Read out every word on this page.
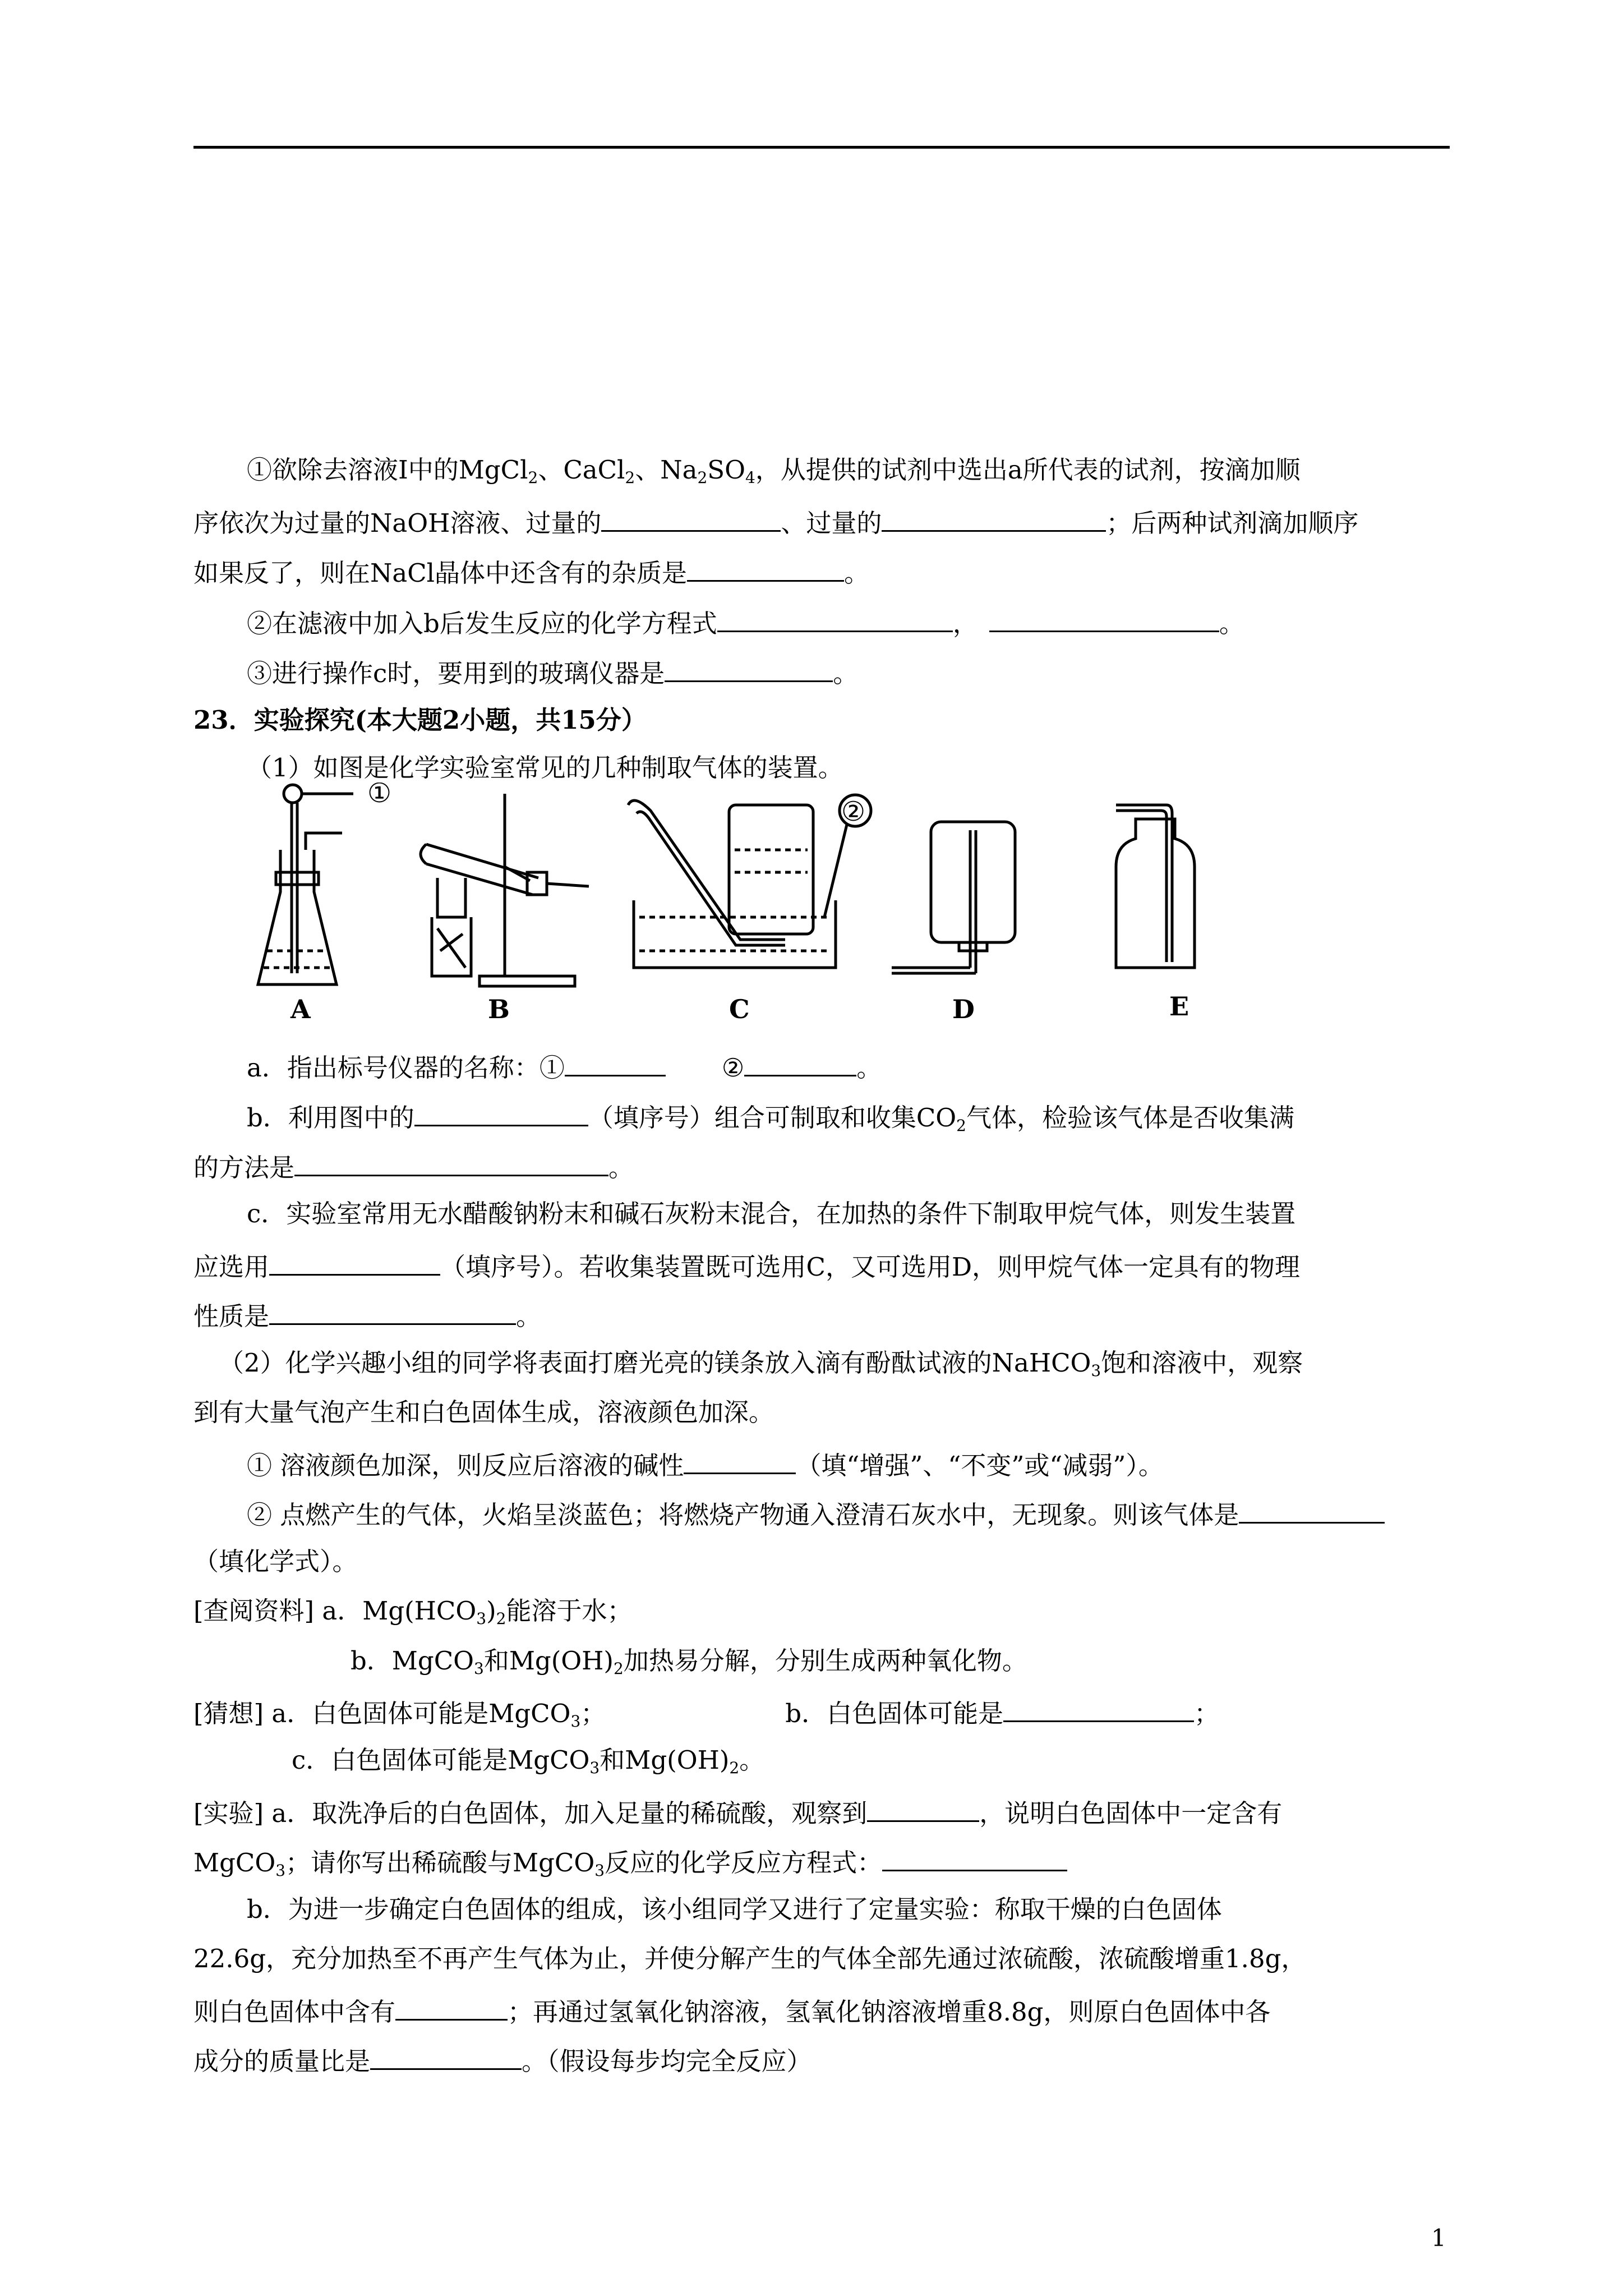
①欲除去溶液Ⅰ中的MgCl$_2$、CaCl$_2$、$Na_2SO_4$，从提供的试剂中选出a所代表的试剂，按滴加顺
序依次为过量的NaOH溶液、过量的	、过量的	；后两种试剂滴加顺序
如果反了，则在NaCl晶体中还含有的杂质是	。
②在滤液中加入b后发生反应的化学方程式	，	。
③进行操作c时，要用到的玻璃仪器是	。
23．实验探究(本大题2小题，共15分）
（1）如图是化学实验室常见的几种制取气体的装置。
①
②
A	B	C	D	E
a．指出标号仪器的名称：①	②	。
b．利用图中的	（填序号）组合可制取和收集$CO_2$气体，检验该气体是否收集满
的方法是	。
c．实验室常用无水醋酸钠粉末和碱石灰粉末混合，在加热的条件下制取甲烷气体，则发生装置
应选用	（填序号）。若收集装置既可选用C，又可选用D，则甲烷气体一定具有的物理
性质是	。
（2）化学兴趣小组的同学将表面打磨光亮的镁条放入滴有酚酞试液的NaHCO$_3$饱和溶液中，观察
到有大量气泡产生和白色固体生成，溶液颜色加深。
① 溶液颜色加深，则反应后溶液的碱性	（填“增强”、“不变”或“减弱”）。
② 点燃产生的气体，火焰呈淡蓝色；将燃烧产物通入澄清石灰水中，无现象。则该气体是
（填化学式）。
[查阅资料] a．$Mg(HCO_3)_2$能溶于水；
b．MgCO$_3$和$Mg(OH)_2$加热易分解，分别生成两种氧化物。
[猜想] a．白色固体可能是MgCO$_3$；	b．白色固体可能是	；
c．白色固体可能是MgCO$_3$和$Mg(OH)_2$。
[实验] a．取洗净后的白色固体，加入足量的稀硫酸，观察到	，说明白色固体中一定含有
MgCO$_3$；请你写出稀硫酸与MgCO$_3$反应的化学反应方程式：
b．为进一步确定白色固体的组成，该小组同学又进行了定量实验：称取干燥的白色固体
22.6g，充分加热至不再产生气体为止，并使分解产生的气体全部先通过浓硫酸，浓硫酸增重1.8g，
则白色固体中含有	；再通过氢氧化钠溶液，氢氧化钠溶液增重8.8g，则原白色固体中各
成分的质量比是	。（假设每步均完全反应）
1
